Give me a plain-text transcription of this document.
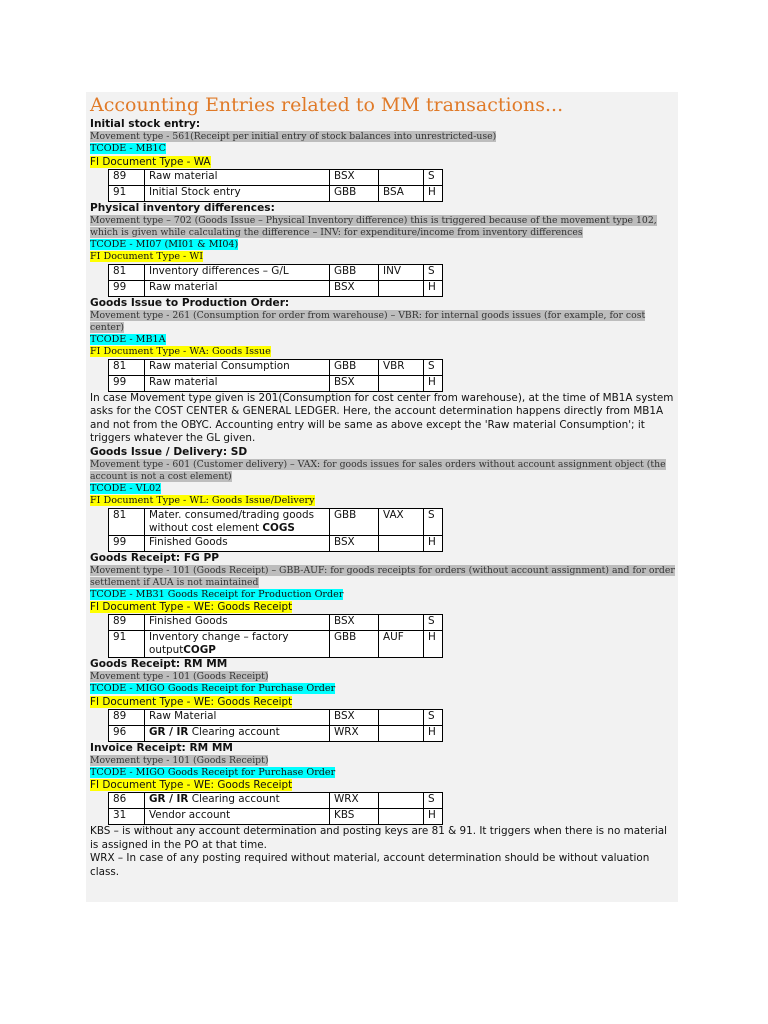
Accounting Entries related to MM transactions...
Initial stock entry:
Movement type - 561(Receipt per initial entry of stock balances into unrestricted-use)
TCODE - MB1C
FI Document Type - WA
89	Raw material	BSX		S
91	Initial Stock entry	GBB	BSA	H
Physical inventory differences:
Movement type – 702 (Goods Issue – Physical Inventory difference) this is triggered because of the movement type 102, which is given while calculating the difference – INV: for expenditure/income from inventory differences
TCODE - MI07 (MI01 & MI04)
FI Document Type - WI
81	Inventory differences – G/L	GBB	INV	S
99	Raw material	BSX		H
Goods Issue to Production Order:
Movement type - 261 (Consumption for order from warehouse) – VBR: for internal goods issues (for example, for cost center)
TCODE - MB1A
FI Document Type - WA: Goods Issue
81	Raw material Consumption	GBB	VBR	S
99	Raw material	BSX		H

In case Movement type given is 201(Consumption for cost center from warehouse), at the time of MB1A system asks for the COST CENTER & GENERAL LEDGER. Here, the account determination happens directly from MB1A and not from the OBYC. Accounting entry will be same as above except the 'Raw material Consumption'; it triggers whatever the GL given.

Goods Issue / Delivery: SD
Movement type - 601 (Customer delivery) – VAX: for goods issues for sales orders without account assignment object (the account is not a cost element)
TCODE - VL02
FI Document Type - WL: Goods Issue/Delivery
81	Mater. consumed/trading goods without cost element COGS	GBB	VAX	S
99	Finished Goods	BSX		H
Goods Receipt: FG PP
Movement type - 101 (Goods Receipt) – GBB-AUF: for goods receipts for orders (without account assignment) and for order settlement if AUA is not maintained
TCODE - MB31 Goods Receipt for Production Order
FI Document Type - WE: Goods Receipt
89	Finished Goods	BSX		S
91	Inventory change – factory outputCOGP	GBB	AUF	H
Goods Receipt: RM MM
Movement type - 101 (Goods Receipt)
TCODE - MIGO Goods Receipt for Purchase Order
FI Document Type - WE: Goods Receipt
89	Raw Material	BSX		S
96	GR / IR Clearing account	WRX		H
Invoice Receipt: RM MM
Movement type - 101 (Goods Receipt)
TCODE - MIGO Goods Receipt for Purchase Order
FI Document Type - WE: Goods Receipt
86	GR / IR Clearing account	WRX		S
31	Vendor account	KBS		H

KBS – is without any account determination and posting keys are 81 & 91. It triggers when there is no material is assigned in the PO at that time.

WRX – In case of any posting required without material, account determination should be without valuation class.
